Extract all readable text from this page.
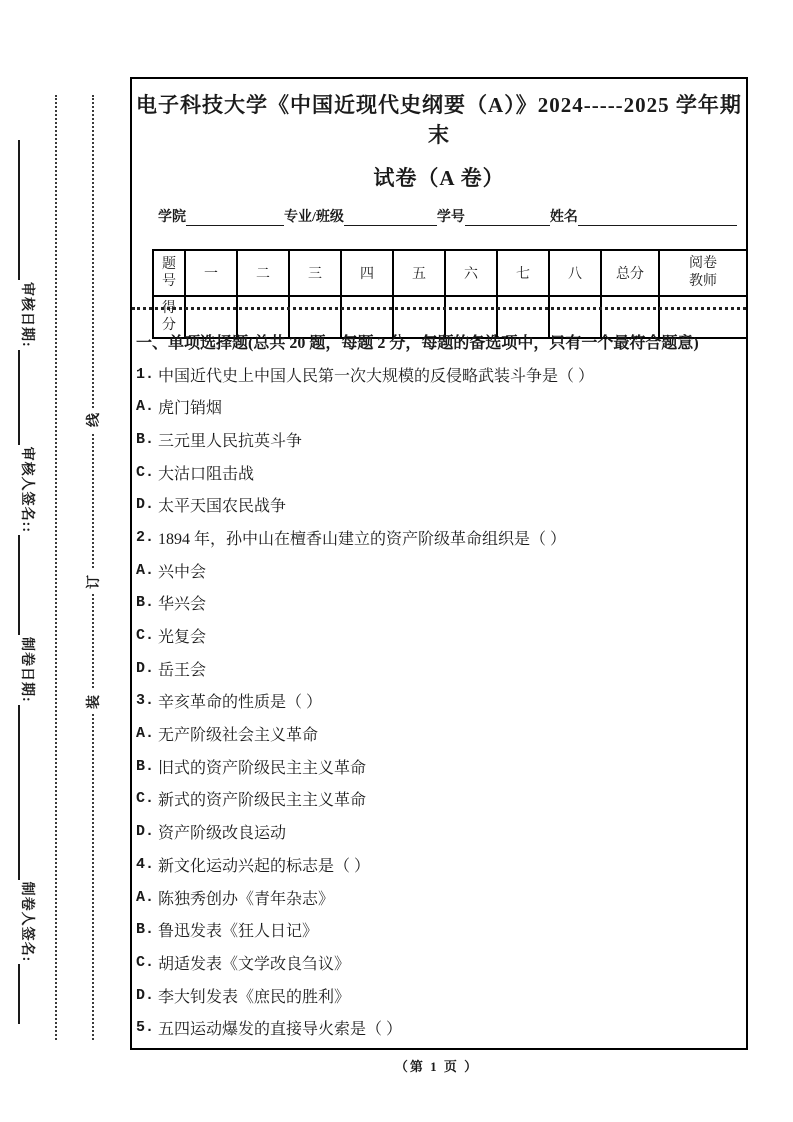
线
订
装
审核日期:
审核人签名::
制卷日期:
制卷人签名:
电子科技大学《中国近现代史纲要（A）》2024-----2025 学年期末
试卷（A 卷）
学院	专业/班级	学号	姓名
题号	一	二	三	四	五	六	七	八	总分	阅卷教师
得分										
一、单项选择题(总共 20 题，每题 2 分，每题的备选项中，只有一个最符合题意)
1. 中国近代史上中国人民第一次大规模的反侵略武装斗争是（ ）
A. 虎门销烟
B. 三元里人民抗英斗争
C. 大沽口阻击战
D. 太平天国农民战争
2. 1894 年，孙中山在檀香山建立的资产阶级革命组织是（ ）
A. 兴中会
B. 华兴会
C. 光复会
D. 岳王会
3. 辛亥革命的性质是（ ）
A. 无产阶级社会主义革命
B. 旧式的资产阶级民主主义革命
C. 新式的资产阶级民主主义革命
D. 资产阶级改良运动
4. 新文化运动兴起的标志是（ ）
A. 陈独秀创办《青年杂志》
B. 鲁迅发表《狂人日记》
C. 胡适发表《文学改良刍议》
D. 李大钊发表《庶民的胜利》
5. 五四运动爆发的直接导火索是（ ）
（第 1 页 ）
